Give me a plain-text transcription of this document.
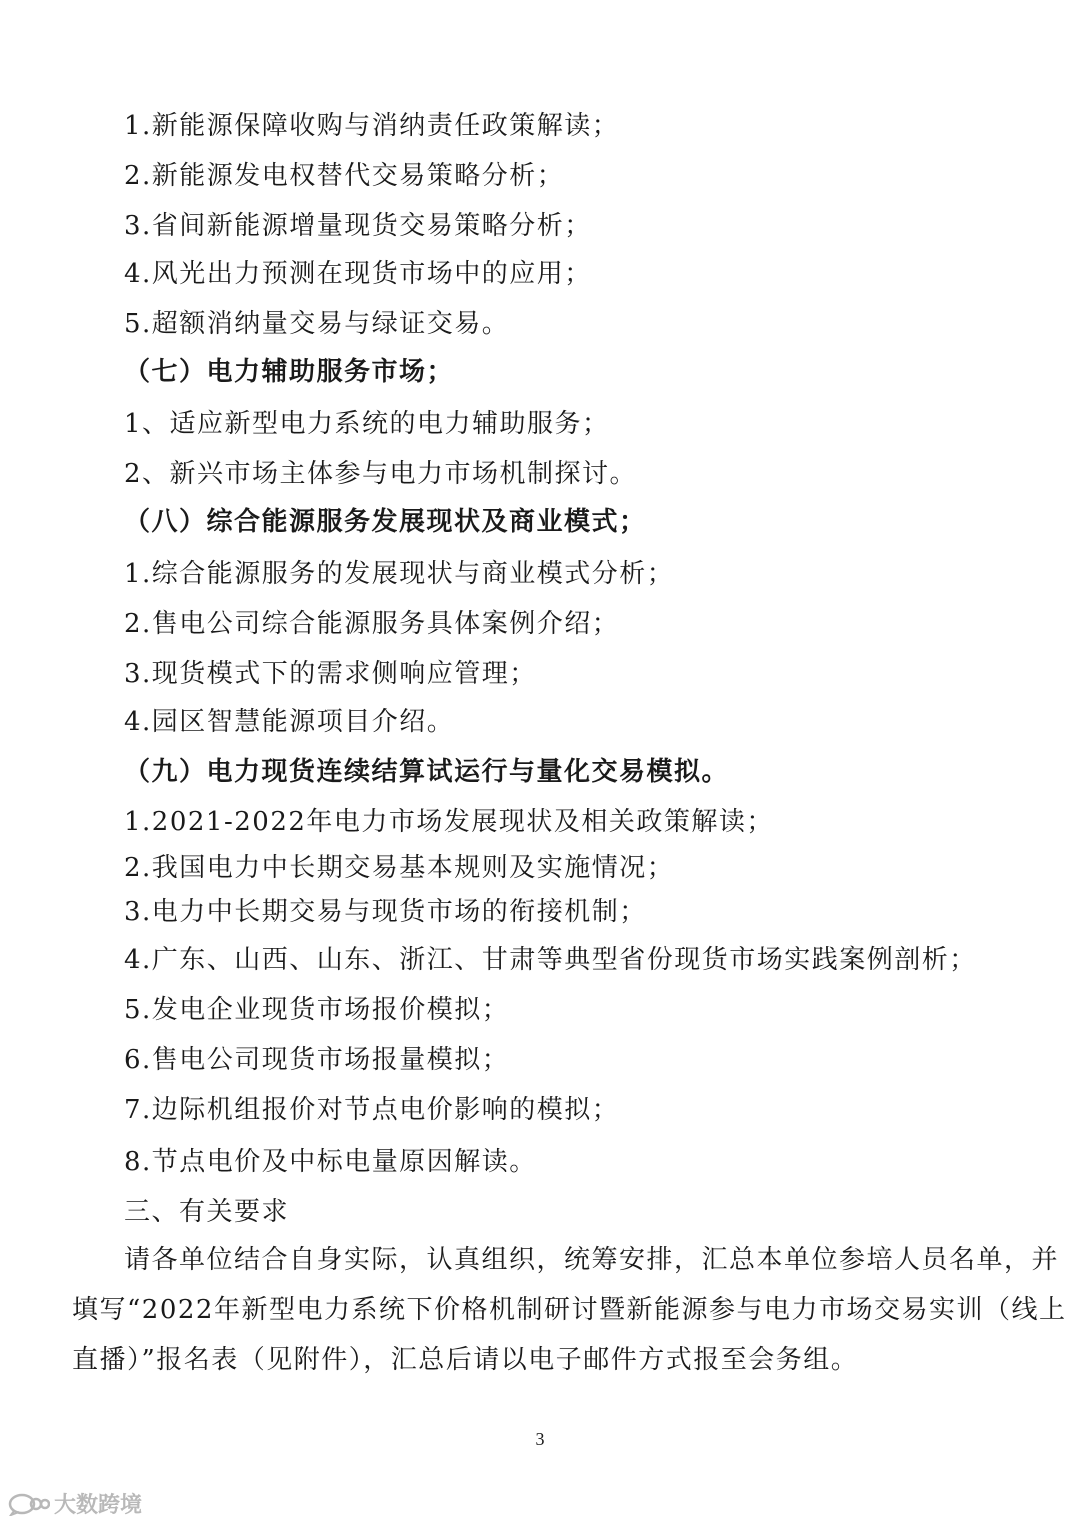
1.新能源保障收购与消纳责任政策解读；
2.新能源发电权替代交易策略分析；
3.省间新能源增量现货交易策略分析；
4.风光出力预测在现货市场中的应用；
5.超额消纳量交易与绿证交易。
（七）电力辅助服务市场；
1、适应新型电力系统的电力辅助服务；
2、新兴市场主体参与电力市场机制探讨。
（八）综合能源服务发展现状及商业模式；
1.综合能源服务的发展现状与商业模式分析；
2.售电公司综合能源服务具体案例介绍；
3.现货模式下的需求侧响应管理；
4.园区智慧能源项目介绍。
（九）电力现货连续结算试运行与量化交易模拟。
1.2021-2022年电力市场发展现状及相关政策解读；
2.我国电力中长期交易基本规则及实施情况；
3.电力中长期交易与现货市场的衔接机制；
4.广东、山西、山东、浙江、甘肃等典型省份现货市场实践案例剖析；
5.发电企业现货市场报价模拟；
6.售电公司现货市场报量模拟；
7.边际机组报价对节点电价影响的模拟；
8.节点电价及中标电量原因解读。
三、有关要求
请各单位结合自身实际，认真组织，统筹安排，汇总本单位参培人员名单，并
填写“2022年新型电力系统下价格机制研讨暨新能源参与电力市场交易实训（线上
直播）”报名表（见附件），汇总后请以电子邮件方式报至会务组。
3
大数跨境
